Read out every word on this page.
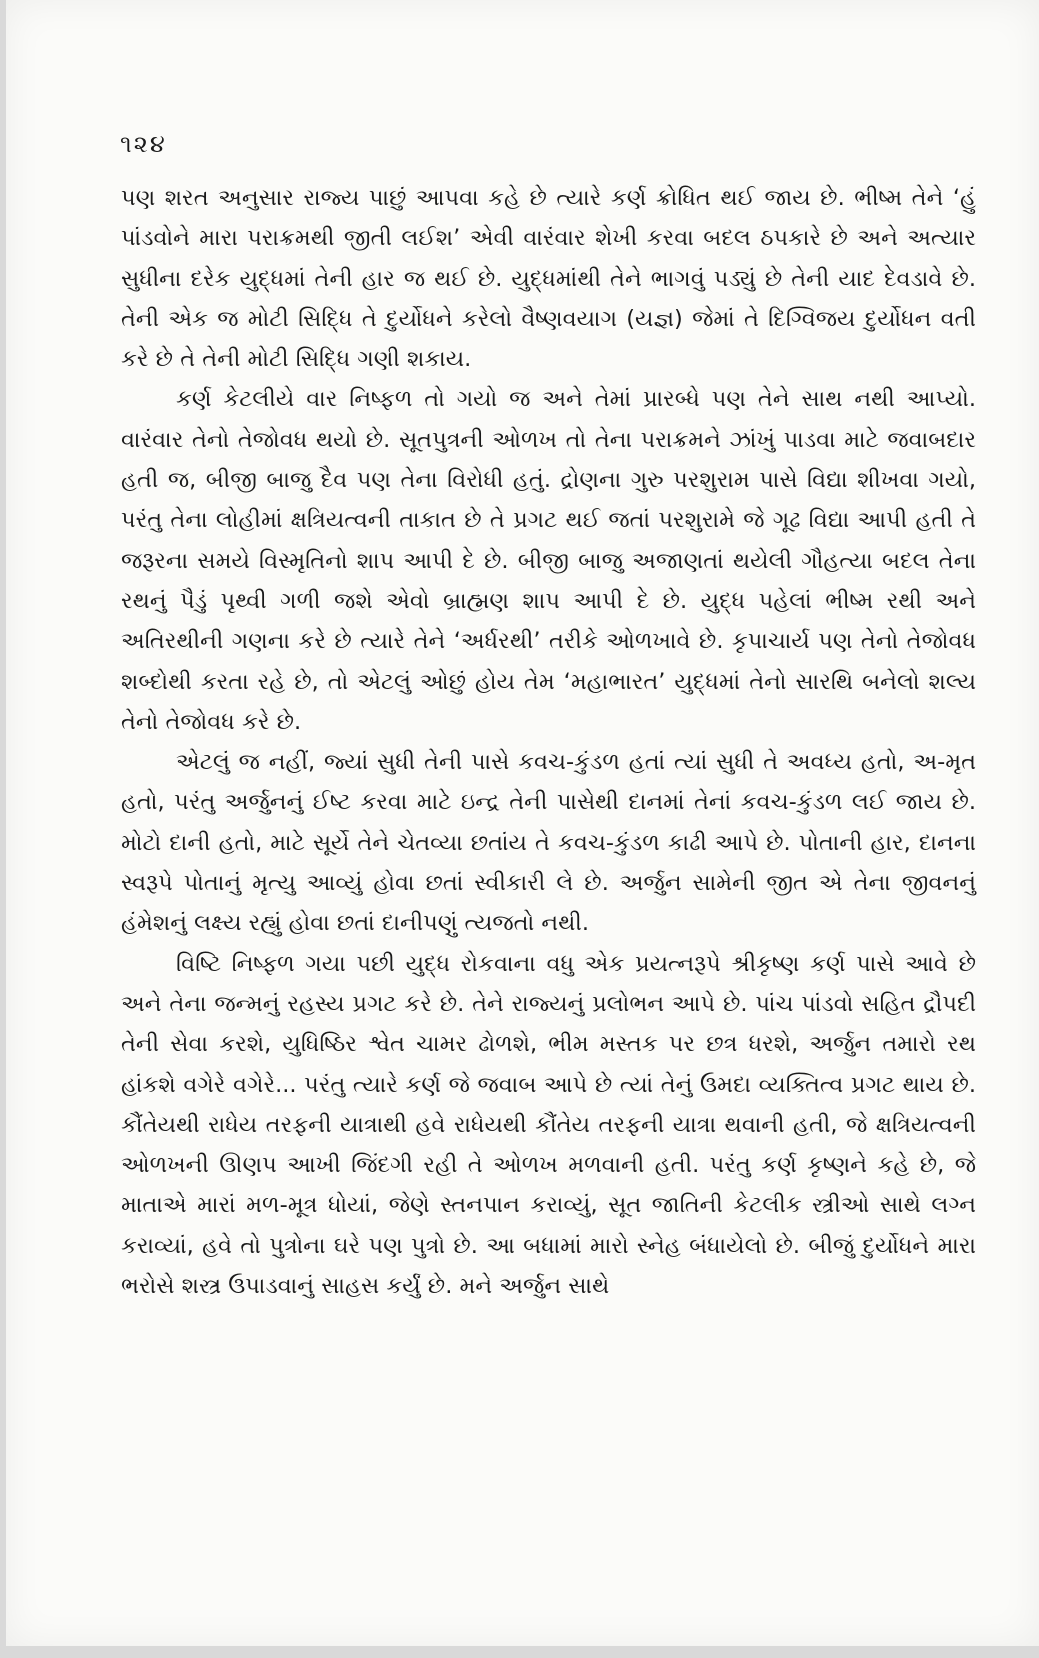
૧૨૪

પણ શરત અનુસાર રાજ્ય પાછું આપવા કહે છે ત્યારે કર્ણ ક્રોધિત થઈ જાય છે. ભીષ્મ તેને ‘હું પાંડવોને મારા પરાક્રમથી જીતી લઈશ’ એવી વારંવાર શેખી કરવા બદલ ઠપકારે છે અને અત્યાર સુધીના દરેક યુદ્ધમાં તેની હાર જ થઈ છે. યુદ્ધમાંથી તેને ભાગવું પડ્યું છે તેની યાદ દેવડાવે છે. તેની એક જ મોટી સિદ્ધિ તે દુર્યોધને કરેલો વૈષ્ણવયાગ (યજ્ઞ) જેમાં તે દિગ્વિજય દુર્યોધન વતી કરે છે તે તેની મોટી સિદ્ધિ ગણી શકાય.

કર્ણ કેટલીયે વાર નિષ્ફળ તો ગયો જ અને તેમાં પ્રારબ્ધે પણ તેને સાથ નથી આપ્યો. વારંવાર તેનો તેજોવધ થયો છે. સૂતપુત્રની ઓળખ તો તેના પરાક્રમને ઝાંખું પાડવા માટે જવાબદાર હતી જ, બીજી બાજુ દૈવ પણ તેના વિરોધી હતું. દ્રોણના ગુરુ પરશુરામ પાસે વિદ્યા શીખવા ગયો, પરંતુ તેના લોહીમાં ક્ષત્રિયત્વની તાકાત છે તે પ્રગટ થઈ જતાં પરશુરામે જે ગૂઢ વિદ્યા આપી હતી તે જરૂરના સમયે વિસ્મૃતિનો શાપ આપી દે છે. બીજી બાજુ અજાણતાં થયેલી ગૌહત્યા બદલ તેના રથનું પૈડું પૃથ્વી ગળી જશે એવો બ્રાહ્મણ શાપ આપી દે છે. યુદ્ધ પહેલાં ભીષ્મ રથી અને અતિરથીની ગણના કરે છે ત્યારે તેને ‘અર્ધરથી’ તરીકે ઓળખાવે છે. કૃપાચાર્ય પણ તેનો તેજોવધ શબ્દોથી કરતા રહે છે, તો એટલું ઓછું હોય તેમ ‘મહાભારત’ યુદ્ધમાં તેનો સારથિ બનેલો શલ્ય તેનો તેજોવધ કરે છે.

એટલું જ નહીં, જ્યાં સુધી તેની પાસે કવચ-કુંડળ હતાં ત્યાં સુધી તે અવધ્ય હતો, અ-મૃત હતો, પરંતુ અર્જુનનું ઈષ્ટ કરવા માટે ઇન્દ્ર તેની પાસેથી દાનમાં તેનાં કવચ-કુંડળ લઈ જાય છે. મોટો દાની હતો, માટે સૂર્યે તેને ચેતવ્યા છતાંય તે કવચ-કુંડળ કાઢી આપે છે. પોતાની હાર, દાનના સ્વરૂપે પોતાનું મૃત્યુ આવ્યું હોવા છતાં સ્વીકારી લે છે. અર્જુન સામેની જીત એ તેના જીવનનું હંમેશનું લક્ષ્ય રહ્યું હોવા છતાં દાનીપણું ત્યજતો નથી.

વિષ્ટિ નિષ્ફળ ગયા પછી યુદ્ધ રોકવાના વધુ એક પ્રયત્નરૂપે શ્રીકૃષ્ણ કર્ણ પાસે આવે છે અને તેના જન્મનું રહસ્ય પ્રગટ કરે છે. તેને રાજ્યનું પ્રલોભન આપે છે. પાંચ પાંડવો સહિત દ્રૌપદી તેની સેવા કરશે, યુધિષ્ઠિર શ્વેત ચામર ઢોળશે, ભીમ મસ્તક પર છત્ર ધરશે, અર્જુન તમારો રથ હાંકશે વગેરે વગેરે... પરંતુ ત્યારે કર્ણ જે જવાબ આપે છે ત્યાં તેનું ઉમદા વ્યક્તિત્વ પ્રગટ થાય છે. કૌંતેયથી રાધેય તરફની યાત્રાથી હવે રાધેયથી કૌંતેય તરફની યાત્રા થવાની હતી, જે ક્ષત્રિયત્વની ઓળખની ઊણપ આખી જિંદગી રહી તે ઓળખ મળવાની હતી. પરંતુ કર્ણ કૃષ્ણને કહે છે, જે માતાએ મારાં મળ-મૂત્ર ધોયાં, જેણે સ્તનપાન કરાવ્યું, સૂત જાતિની કેટલીક સ્ત્રીઓ સાથે લગ્ન કરાવ્યાં, હવે તો પુત્રોના ઘરે પણ પુત્રો છે. આ બધામાં મારો સ્નેહ બંધાયેલો છે. બીજું દુર્યોધને મારા ભરોસે શસ્ત્ર ઉપાડવાનું સાહસ કર્યું છે. મને અર્જુન સાથે
